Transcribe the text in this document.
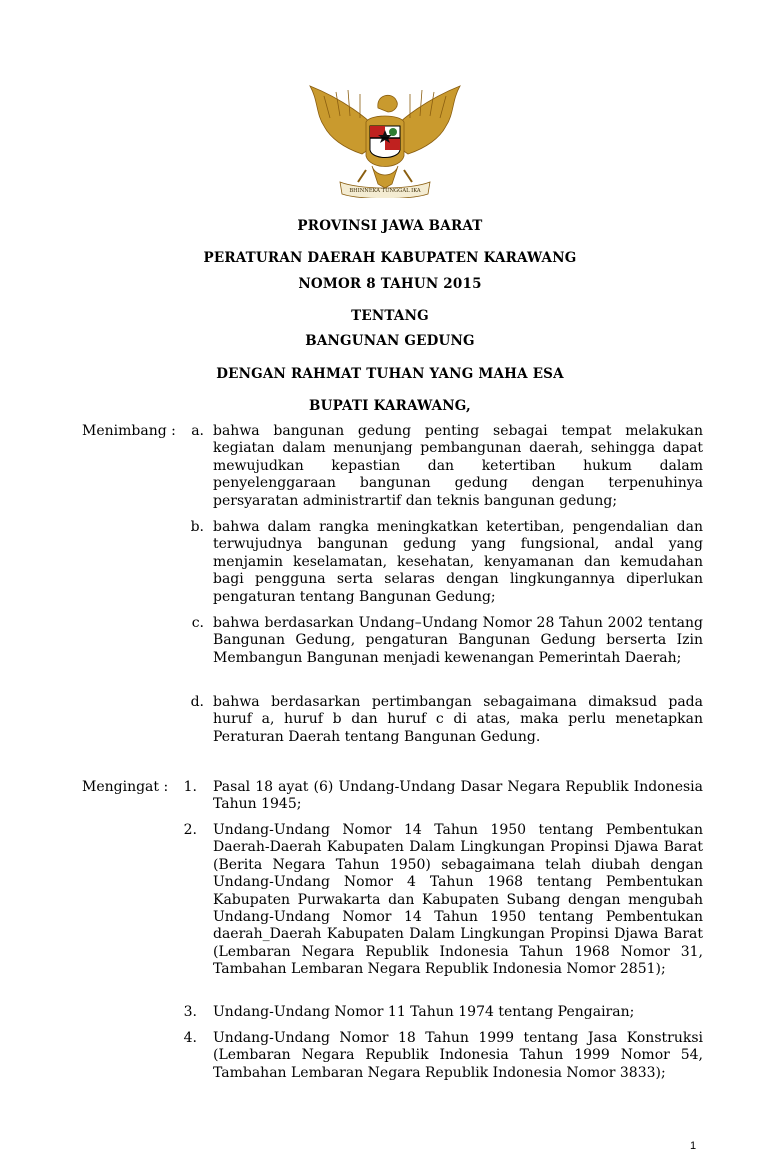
BHINNEKA TUNGGAL IKA
PROVINSI JAWA BARAT
PERATURAN DAERAH KABUPATEN KARAWANG
NOMOR 8 TAHUN 2015
TENTANG
BANGUNAN GEDUNG
DENGAN RAHMAT TUHAN YANG MAHA ESA
BUPATI KARAWANG,
Menimbang :	a. bahwa bangunan gedung penting sebagai tempat melakukan kegiatan dalam menunjang pembangunan daerah, sehingga dapat mewujudkan kepastian dan ketertiban hukum dalam penyelenggaraan bangunan gedung dengan terpenuhinya persyaratan administrartif dan teknis bangunan gedung;
b. bahwa dalam rangka meningkatkan ketertiban, pengendalian dan terwujudnya bangunan gedung yang fungsional, andal yang menjamin keselamatan, kesehatan, kenyamanan dan kemudahan bagi pengguna serta selaras dengan lingkungannya diperlukan pengaturan tentang Bangunan Gedung;
c. bahwa berdasarkan Undang–Undang Nomor 28 Tahun 2002 tentang Bangunan Gedung, pengaturan Bangunan Gedung berserta Izin Membangun Bangunan menjadi kewenangan Pemerintah Daerah;
d. bahwa berdasarkan pertimbangan sebagaimana dimaksud pada huruf a, huruf b dan huruf c di atas, maka perlu menetapkan Peraturan Daerah tentang Bangunan Gedung.
Mengingat :	1. Pasal 18 ayat (6) Undang-Undang Dasar Negara Republik Indonesia Tahun 1945;
2. Undang-Undang Nomor 14 Tahun 1950 tentang Pembentukan Daerah-Daerah Kabupaten Dalam Lingkungan Propinsi Djawa Barat (Berita Negara Tahun 1950) sebagaimana telah diubah dengan Undang-Undang Nomor 4 Tahun 1968 tentang Pembentukan Kabupaten Purwakarta dan Kabupaten Subang dengan mengubah Undang-Undang Nomor 14 Tahun 1950 tentang Pembentukan daerah_Daerah Kabupaten Dalam Lingkungan Propinsi Djawa Barat (Lembaran Negara Republik Indonesia Tahun 1968 Nomor 31, Tambahan Lembaran Negara Republik Indonesia Nomor 2851);
3. Undang-Undang Nomor 11 Tahun 1974 tentang Pengairan;
4. Undang-Undang Nomor 18 Tahun 1999 tentang Jasa Konstruksi (Lembaran Negara Republik Indonesia Tahun 1999 Nomor 54, Tambahan Lembaran Negara Republik Indonesia Nomor 3833);
1
